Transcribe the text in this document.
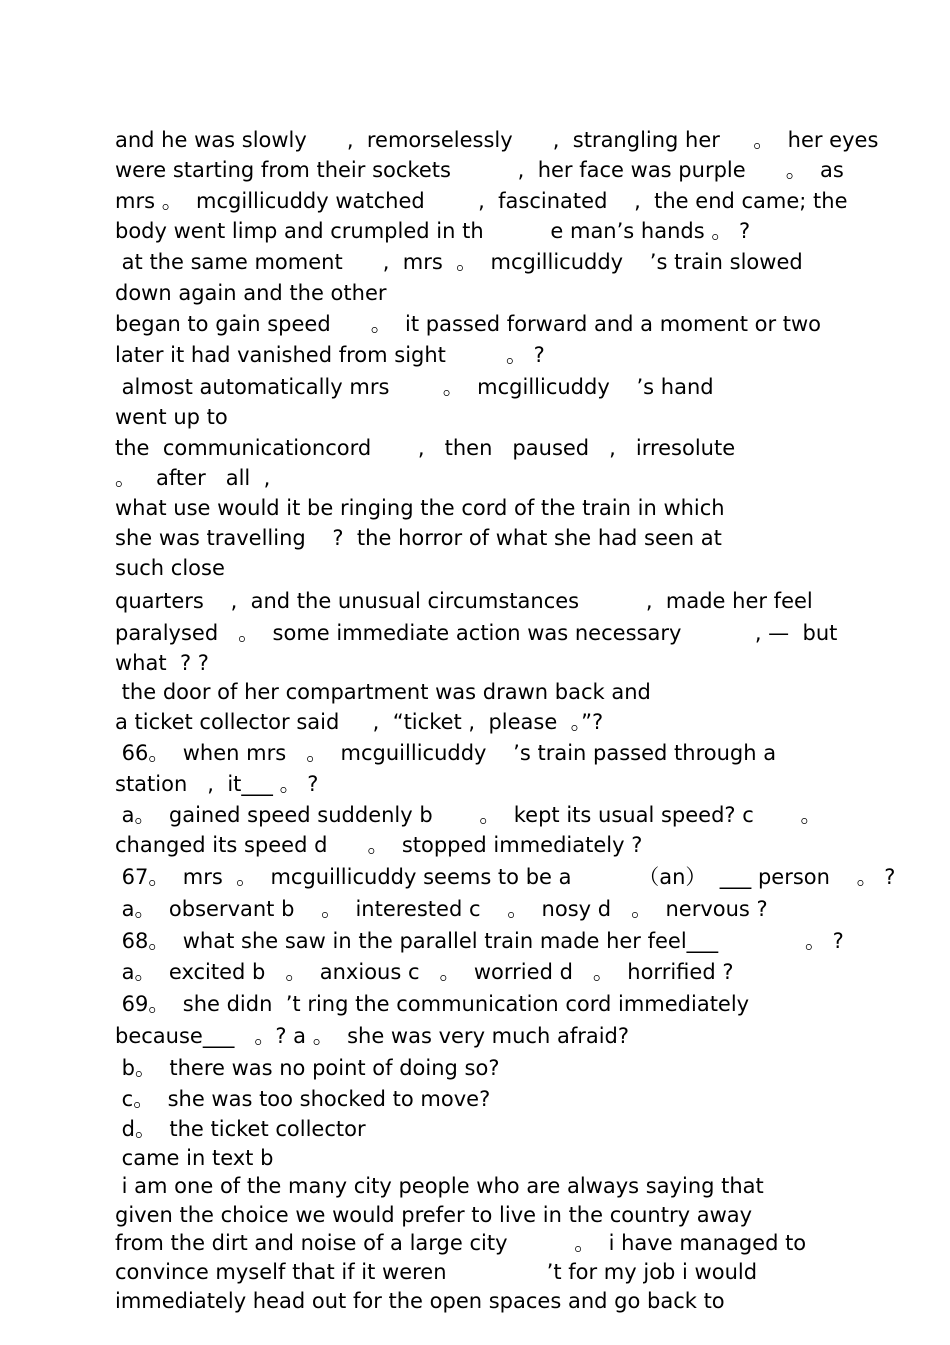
and he was slowly      ,  remorselessly      ,  strangling her     。  her eyes
were starting from their sockets          ,  her face was purple      。  as
mrs 。  mcgillicuddy watched        ,  fascinated    ,  the end came; the
body went limp and crumpled in th          e man’s hands 。 ?
at the same moment      ,  mrs  。  mcgillicuddy    ’s train slowed
down again and the other
began to gain speed      。  it passed forward and a moment or two
later it had vanished from sight         。 ?
almost automatically mrs        。  mcgillicuddy    ’s hand
went up to
the  communicationcord       ,   then   paused   ,   irresolute
。   after   all  ,
what use would it be ringing the cord of the train in which
she was travelling    ?  the horror of what she had seen at
such close
quarters    ,  and the unusual circumstances          ,  made her feel
paralysed   。  some immediate action was necessary           , —  but
what  ? ?
the door of her compartment was drawn back and
a ticket collector said     ,  “ticket ,  please  。”?
66。  when mrs   。  mcguillicuddy    ’s train passed through a
station   ,  it___ 。 ?
a。  gained speed suddenly b       。  kept its usual speed? c       。
changed its speed d      。  stopped immediately ?
67。  mrs  。  mcguillicuddy seems to be a          （an）  ___ person    。 ?
a。  observant b    。  interested c    。  nosy d   。  nervous ?
68。  what she saw in the parallel train made her feel___             。 ?
a。  excited b   。  anxious c   。  worried d   。  horrified ?
69。  she didn  ’t ring the communication cord immediately
because___   。? a 。  she was very much afraid?
b。  there was no point of doing so?
c。  she was too shocked to move?
d。  the ticket collector
came in text b
i am one of the many city people who are always saying that
given the choice we would prefer to live in the country away
from the dirt and noise of a large city          。  i have managed to
convince myself that if it weren               ’t for my job i would
immediately head out for the open spaces and go back to
